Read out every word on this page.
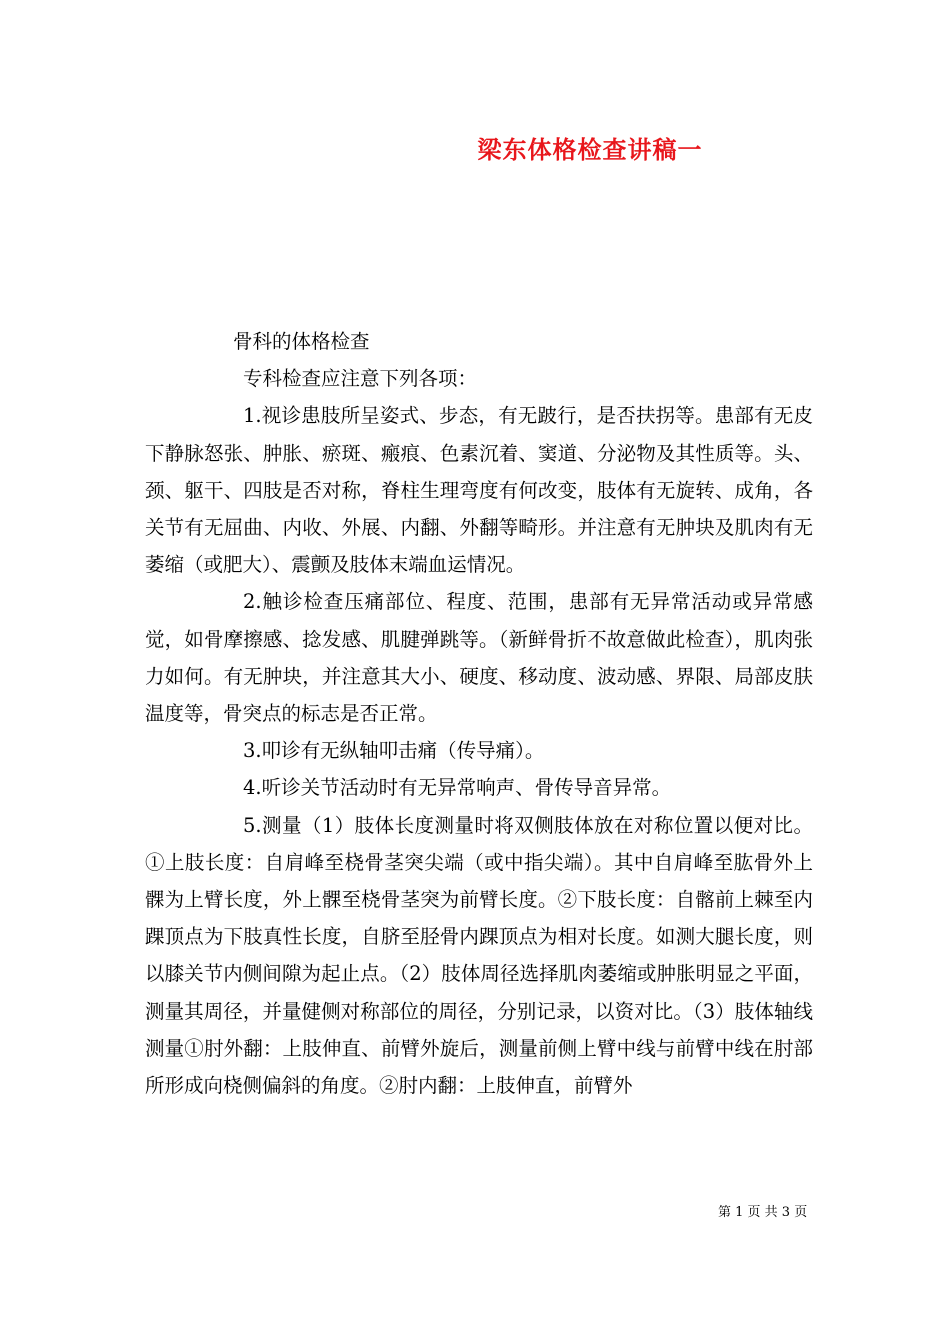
梁东体格检查讲稿一

骨科的体格检查

专科检查应注意下列各项：

1.视诊患肢所呈姿式、步态，有无跛行，是否扶拐等。患部有无皮下静脉怒张、肿胀、瘀斑、瘢痕、色素沉着、窦道、分泌物及其性质等。头、颈、躯干、四肢是否对称，脊柱生理弯度有何改变，肢体有无旋转、成角，各关节有无屈曲、内收、外展、内翻、外翻等畸形。并注意有无肿块及肌肉有无萎缩（或肥大）、震颤及肢体末端血运情况。

2.触诊检查压痛部位、程度、范围，患部有无异常活动或异常感觉，如骨摩擦感、捻发感、肌腱弹跳等。（新鲜骨折不故意做此检查），肌肉张力如何。有无肿块，并注意其大小、硬度、移动度、波动感、界限、局部皮肤温度等，骨突点的标志是否正常。

3.叩诊有无纵轴叩击痛（传导痛）。

4.听诊关节活动时有无异常响声、骨传导音异常。

5.测量（1）肢体长度测量时将双侧肢体放在对称位置以便对比。①上肢长度：自肩峰至桡骨茎突尖端（或中指尖端）。其中自肩峰至肱骨外上髁为上臂长度，外上髁至桡骨茎突为前臂长度。②下肢长度：自髂前上棘至内踝顶点为下肢真性长度，自脐至胫骨内踝顶点为相对长度。如测大腿长度，则以膝关节内侧间隙为起止点。（2）肢体周径选择肌肉萎缩或肿胀明显之平面，测量其周径，并量健侧对称部位的周径，分别记录，以资对比。（3）肢体轴线测量①肘外翻：上肢伸直、前臂外旋后，测量前侧上臂中线与前臂中线在肘部所形成向桡侧偏斜的角度。②肘内翻：上肢伸直，前臂外

第 1 页 共 3 页
